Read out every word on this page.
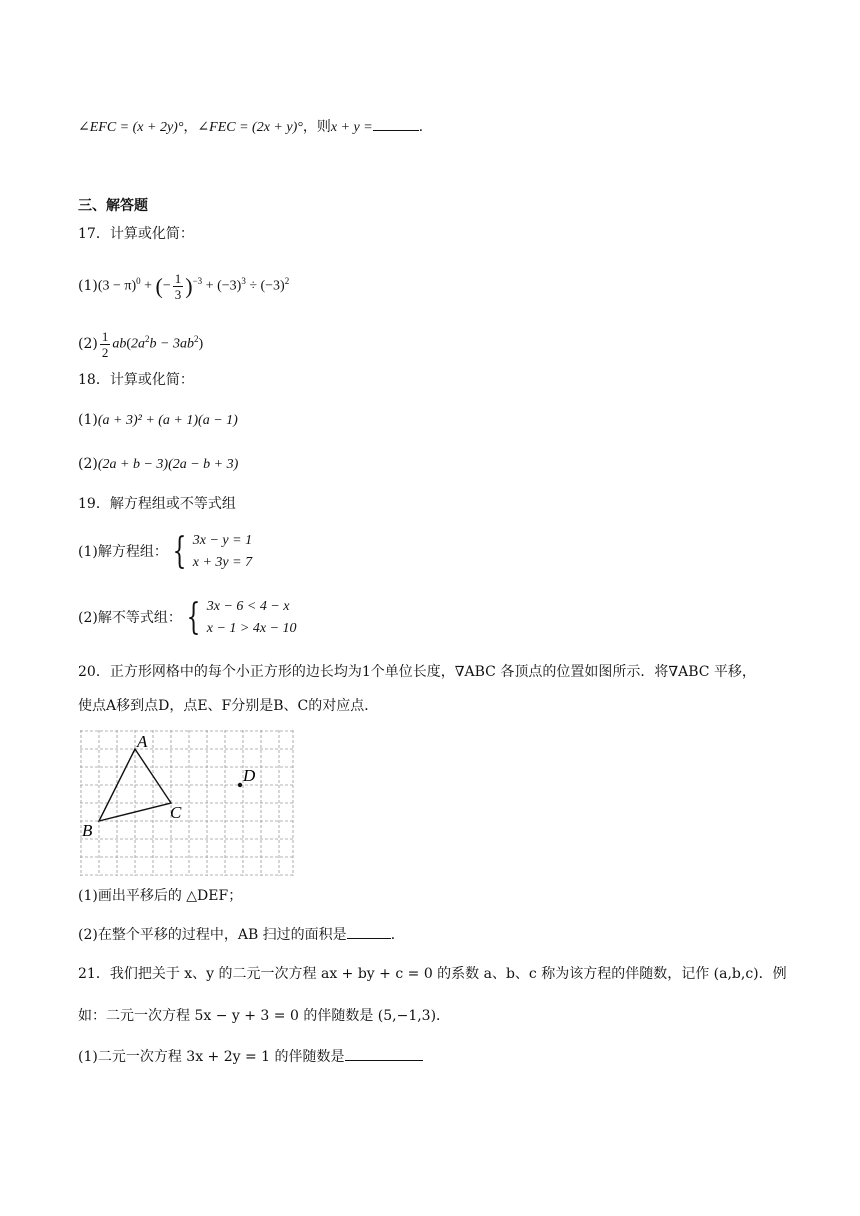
∠EFC = (x + 2y)°，∠FEC = (2x + y)°，则x + y =	.
三、解答题
17．计算或化简：
(1) $(3 - \pi)^0$ + (− $\frac{1}{3} )^{-3} + (-3)^3 \div (-3)^2$
$(2) \frac{1}{2} ab(2a^2b - 3ab^2)$
18．计算或化简：
(1)(a + 3)² + (a + 1)(a − 1)
(2)(2a + b − 3)(2a − b + 3)
19．解方程组或不等式组
(1)解方程组： { 3x − y = 1
x + 3y = 7
(2)解不等式组： { 3x − 6 < 4 − x
x − 1 > 4x − 10
20．正方形网格中的每个小正方形的边长均为1个单位长度，∇ABC 各顶点的位置如图所示．将∇ABC 平移，
使点A移到点D，点E、F分别是B、C的对应点．
A
B
C
D
(1)画出平移后的 △DEF；
(2)在整个平移的过程中，AB 扫过的面积是	．
21．我们把关于 x、y 的二元一次方程 ax + by + c = 0 的系数 a、b、c 称为该方程的伴随数，记作 (a,b,c)．例
如：二元一次方程 5x − y + 3 = 0 的伴随数是 (5,−1,3)．
(1)二元一次方程 3x + 2y = 1 的伴随数是
